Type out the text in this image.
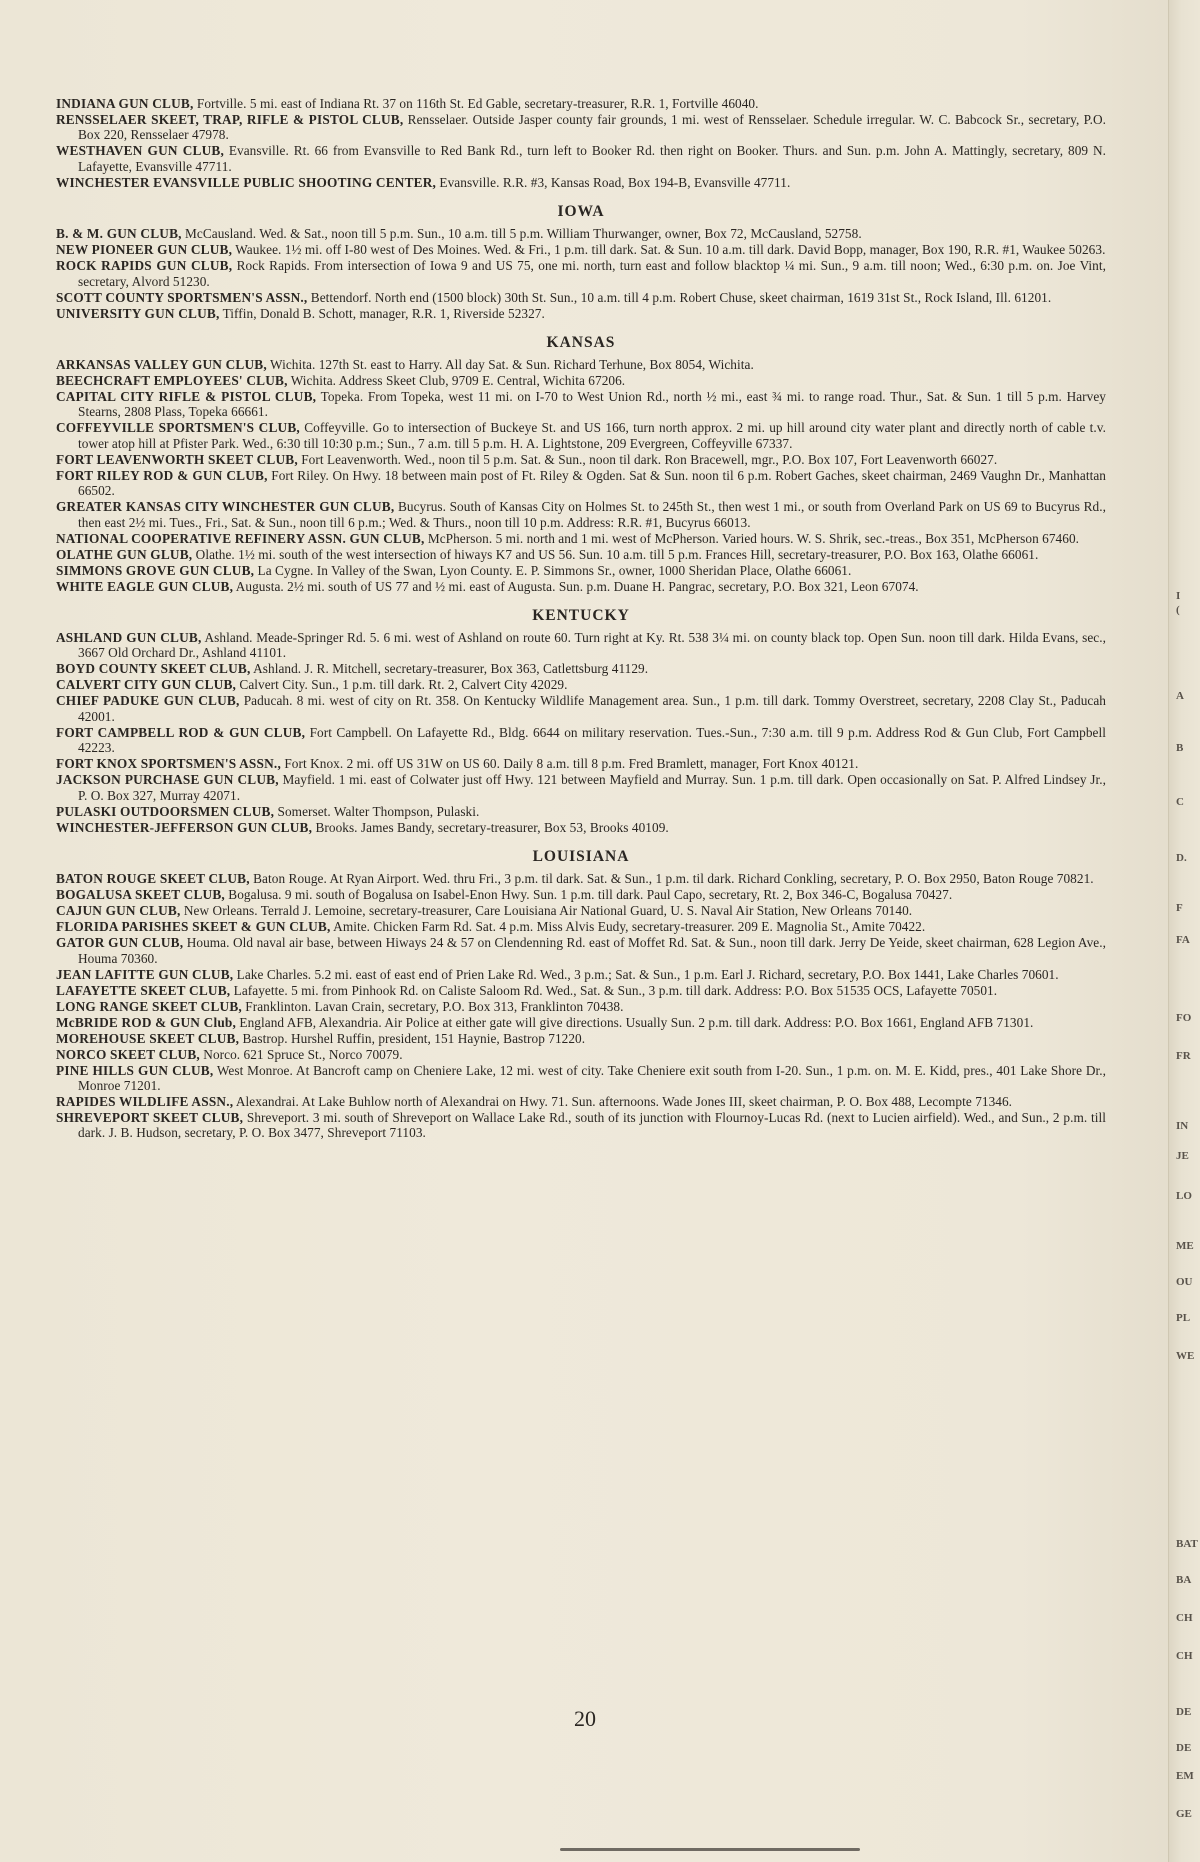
INDIANA GUN CLUB, Fortville. 5 mi. east of Indiana Rt. 37 on 116th St. Ed Gable, secretary-treasurer, R.R. 1, Fortville 46040.
RENSSELAER SKEET, TRAP, RIFLE & PISTOL CLUB, Rensselaer. Outside Jasper county fair grounds, 1 mi. west of Rensselaer. Schedule irregular. W. C. Babcock Sr., secretary, P.O. Box 220, Rensselaer 47978.
WESTHAVEN GUN CLUB, Evansville. Rt. 66 from Evansville to Red Bank Rd., turn left to Booker Rd. then right on Booker. Thurs. and Sun. p.m. John A. Mattingly, secretary, 809 N. Lafayette, Evansville 47711.
WINCHESTER EVANSVILLE PUBLIC SHOOTING CENTER, Evansville. R.R. #3, Kansas Road, Box 194-B, Evansville 47711.
IOWA
B. & M. GUN CLUB, McCausland. Wed. & Sat., noon till 5 p.m. Sun., 10 a.m. till 5 p.m. William Thurwanger, owner, Box 72, McCausland, 52758.
NEW PIONEER GUN CLUB, Waukee. 1½ mi. off I-80 west of Des Moines. Wed. & Fri., 1 p.m. till dark. Sat. & Sun. 10 a.m. till dark. David Bopp, manager, Box 190, R.R. #1, Waukee 50263.
ROCK RAPIDS GUN CLUB, Rock Rapids. From intersection of Iowa 9 and US 75, one mi. north, turn east and follow blacktop ¼ mi. Sun., 9 a.m. till noon; Wed., 6:30 p.m. on. Joe Vint, secretary, Alvord 51230.
SCOTT COUNTY SPORTSMEN'S ASSN., Bettendorf. North end (1500 block) 30th St. Sun., 10 a.m. till 4 p.m. Robert Chuse, skeet chairman, 1619 31st St., Rock Island, Ill. 61201.
UNIVERSITY GUN CLUB, Tiffin, Donald B. Schott, manager, R.R. 1, Riverside 52327.
KANSAS
ARKANSAS VALLEY GUN CLUB, Wichita. 127th St. east to Harry. All day Sat. & Sun. Richard Terhune, Box 8054, Wichita.
BEECHCRAFT EMPLOYEES' CLUB, Wichita. Address Skeet Club, 9709 E. Central, Wichita 67206.
CAPITAL CITY RIFLE & PISTOL CLUB, Topeka. From Topeka, west 11 mi. on I-70 to West Union Rd., north ½ mi., east ¾ mi. to range road. Thur., Sat. & Sun. 1 till 5 p.m. Harvey Stearns, 2808 Plass, Topeka 66661.
COFFEYVILLE SPORTSMEN'S CLUB, Coffeyville. Go to intersection of Buckeye St. and US 166, turn north approx. 2 mi. up hill around city water plant and directly north of cable t.v. tower atop hill at Pfister Park. Wed., 6:30 till 10:30 p.m.; Sun., 7 a.m. till 5 p.m. H. A. Lightstone, 209 Evergreen, Coffeyville 67337.
FORT LEAVENWORTH SKEET CLUB, Fort Leavenworth. Wed., noon til 5 p.m. Sat. & Sun., noon til dark. Ron Bracewell, mgr., P.O. Box 107, Fort Leavenworth 66027.
FORT RILEY ROD & GUN CLUB, Fort Riley. On Hwy. 18 between main post of Ft. Riley & Ogden. Sat & Sun. noon til 6 p.m. Robert Gaches, skeet chairman, 2469 Vaughn Dr., Manhattan 66502.
GREATER KANSAS CITY WINCHESTER GUN CLUB, Bucyrus. South of Kansas City on Holmes St. to 245th St., then west 1 mi., or south from Overland Park on US 69 to Bucyrus Rd., then east 2½ mi. Tues., Fri., Sat. & Sun., noon till 6 p.m.; Wed. & Thurs., noon till 10 p.m. Address: R.R. #1, Bucyrus 66013.
NATIONAL COOPERATIVE REFINERY ASSN. GUN CLUB, McPherson. 5 mi. north and 1 mi. west of McPherson. Varied hours. W. S. Shrik, sec.-treas., Box 351, McPherson 67460.
OLATHE GUN GLUB, Olathe. 1½ mi. south of the west intersection of hiways K7 and US 56. Sun. 10 a.m. till 5 p.m. Frances Hill, secretary-treasurer, P.O. Box 163, Olathe 66061.
SIMMONS GROVE GUN CLUB, La Cygne. In Valley of the Swan, Lyon County. E. P. Simmons Sr., owner, 1000 Sheridan Place, Olathe 66061.
WHITE EAGLE GUN CLUB, Augusta. 2½ mi. south of US 77 and ½ mi. east of Augusta. Sun. p.m. Duane H. Pangrac, secretary, P.O. Box 321, Leon 67074.
KENTUCKY
ASHLAND GUN CLUB, Ashland. Meade-Springer Rd. 5. 6 mi. west of Ashland on route 60. Turn right at Ky. Rt. 538 3¼ mi. on county black top. Open Sun. noon till dark. Hilda Evans, sec., 3667 Old Orchard Dr., Ashland 41101.
BOYD COUNTY SKEET CLUB, Ashland. J. R. Mitchell, secretary-treasurer, Box 363, Catlettsburg 41129.
CALVERT CITY GUN CLUB, Calvert City. Sun., 1 p.m. till dark. Rt. 2, Calvert City 42029.
CHIEF PADUKE GUN CLUB, Paducah. 8 mi. west of city on Rt. 358. On Kentucky Wildlife Management area. Sun., 1 p.m. till dark. Tommy Overstreet, secretary, 2208 Clay St., Paducah 42001.
FORT CAMPBELL ROD & GUN CLUB, Fort Campbell. On Lafayette Rd., Bldg. 6644 on military reservation. Tues.-Sun., 7:30 a.m. till 9 p.m. Address Rod & Gun Club, Fort Campbell 42223.
FORT KNOX SPORTSMEN'S ASSN., Fort Knox. 2 mi. off US 31W on US 60. Daily 8 a.m. till 8 p.m. Fred Bramlett, manager, Fort Knox 40121.
JACKSON PURCHASE GUN CLUB, Mayfield. 1 mi. east of Colwater just off Hwy. 121 between Mayfield and Murray. Sun. 1 p.m. till dark. Open occasionally on Sat. P. Alfred Lindsey Jr., P. O. Box 327, Murray 42071.
PULASKI OUTDOORSMEN CLUB, Somerset. Walter Thompson, Pulaski.
WINCHESTER-JEFFERSON GUN CLUB, Brooks. James Bandy, secretary-treasurer, Box 53, Brooks 40109.
LOUISIANA
BATON ROUGE SKEET CLUB, Baton Rouge. At Ryan Airport. Wed. thru Fri., 3 p.m. til dark. Sat. & Sun., 1 p.m. til dark. Richard Conkling, secretary, P. O. Box 2950, Baton Rouge 70821.
BOGALUSA SKEET CLUB, Bogalusa. 9 mi. south of Bogalusa on Isabel-Enon Hwy. Sun. 1 p.m. till dark. Paul Capo, secretary, Rt. 2, Box 346-C, Bogalusa 70427.
CAJUN GUN CLUB, New Orleans. Terrald J. Lemoine, secretary-treasurer, Care Louisiana Air National Guard, U. S. Naval Air Station, New Orleans 70140.
FLORIDA PARISHES SKEET & GUN CLUB, Amite. Chicken Farm Rd. Sat. 4 p.m. Miss Alvis Eudy, secretary-treasurer. 209 E. Magnolia St., Amite 70422.
GATOR GUN CLUB, Houma. Old naval air base, between Hiways 24 & 57 on Clendenning Rd. east of Moffet Rd. Sat. & Sun., noon till dark. Jerry De Yeide, skeet chairman, 628 Legion Ave., Houma 70360.
JEAN LAFITTE GUN CLUB, Lake Charles. 5.2 mi. east of east end of Prien Lake Rd. Wed., 3 p.m.; Sat. & Sun., 1 p.m. Earl J. Richard, secretary, P.O. Box 1441, Lake Charles 70601.
LAFAYETTE SKEET CLUB, Lafayette. 5 mi. from Pinhook Rd. on Caliste Saloom Rd. Wed., Sat. & Sun., 3 p.m. till dark. Address: P.O. Box 51535 OCS, Lafayette 70501.
LONG RANGE SKEET CLUB, Franklinton. Lavan Crain, secretary, P.O. Box 313, Franklinton 70438.
McBRIDE ROD & GUN Club, England AFB, Alexandria. Air Police at either gate will give directions. Usually Sun. 2 p.m. till dark. Address: P.O. Box 1661, England AFB 71301.
MOREHOUSE SKEET CLUB, Bastrop. Hurshel Ruffin, president, 151 Haynie, Bastrop 71220.
NORCO SKEET CLUB, Norco. 621 Spruce St., Norco 70079.
PINE HILLS GUN CLUB, West Monroe. At Bancroft camp on Cheniere Lake, 12 mi. west of city. Take Cheniere exit south from I-20. Sun., 1 p.m. on. M. E. Kidd, pres., 401 Lake Shore Dr., Monroe 71201.
RAPIDES WILDLIFE ASSN., Alexandrai. At Lake Buhlow north of Alexandrai on Hwy. 71. Sun. afternoons. Wade Jones III, skeet chairman, P. O. Box 488, Lecompte 71346.
SHREVEPORT SKEET CLUB, Shreveport. 3 mi. south of Shreveport on Wallace Lake Rd., south of its junction with Flournoy-Lucas Rd. (next to Lucien airfield). Wed., and Sun., 2 p.m. till dark. J. B. Hudson, secretary, P. O. Box 3477, Shreveport 71103.
20
I
(
A
B
C
D.
F
FA
FO
FR
IN
JE
LO
ME
OU
PL
WE
BAT
BA
CH
CH
DE
DE
EM
GE
